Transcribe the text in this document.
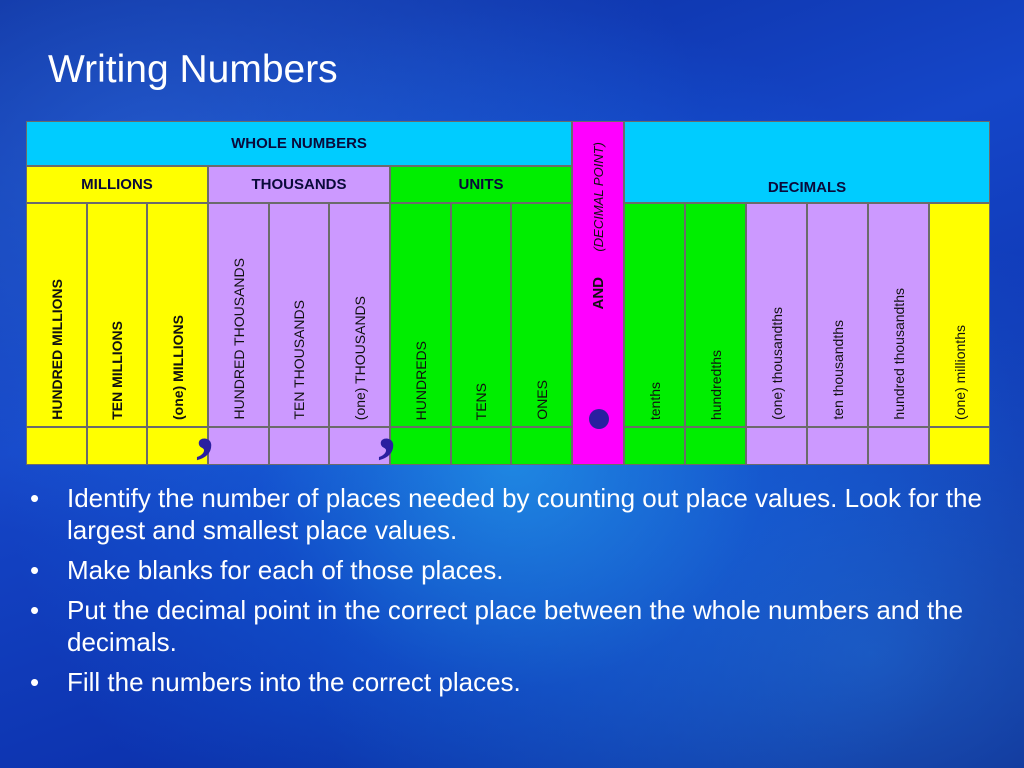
Writing Numbers
WHOLE NUMBERS
MILLIONS	THOUSANDS	UNITS
HUNDRED MILLIONS	TEN MILLIONS	(one) MILLIONS	HUNDRED THOUSANDS	TEN THOUSANDS	(one) THOUSANDS	HUNDREDS	TENS	ONES
(DECIMAL POINT)
AND
DECIMALS
tenths	hundredths	(one) thousandths	ten thousandths	hundred thousandths	(one) millionths
, ,
• Identify the number of places needed by counting out place values. Look for the largest and smallest place values.
• Make blanks for each of those places.
• Put the decimal point in the correct place between the whole numbers and the decimals.
• Fill the numbers into the correct places.
